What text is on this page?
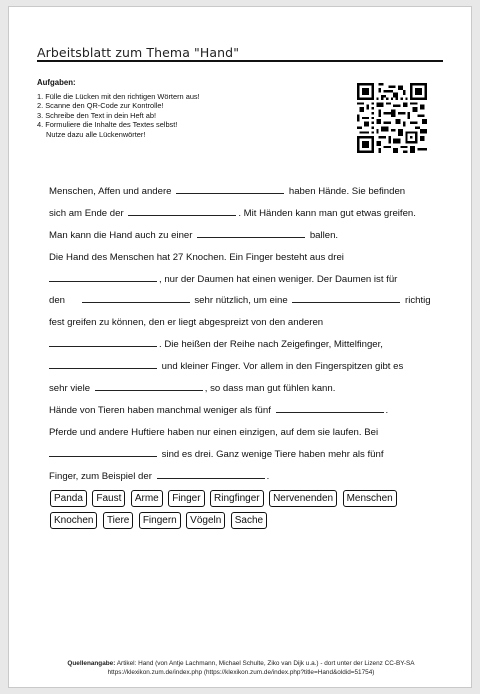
Arbeitsblatt zum Thema "Hand"
Aufgaben:
1. Fülle die Lücken mit den richtigen Wörtern aus!
2. Scanne den QR-Code zur Kontrolle!
3. Schreibe den Text in dein Heft ab!
4. Formuliere die Inhalte des Textes selbst!
Nutze dazu alle Lückenwörter!
Menschen, Affen und andere	haben Hände. Sie befinden
sich am Ende der	. Mit Händen kann man gut etwas greifen.
Man kann die Hand auch zu einer	ballen.
Die Hand des Menschen hat 27 Knochen. Ein Finger besteht aus drei
, nur der Daumen hat einen weniger. Der Daumen ist für
den	sehr nützlich, um eine	richtig
fest greifen zu können, den er liegt abgespreizt von den anderen
. Die heißen der Reihe nach Zeigefinger, Mittelfinger,
und kleiner Finger. Vor allem in den Fingerspitzen gibt es
sehr viele	, so dass man gut fühlen kann.
Hände von Tieren haben manchmal weniger als fünf	.
Pferde und andere Huftiere haben nur einen einzigen, auf dem sie laufen. Bei
sind es drei. Ganz wenige Tiere haben mehr als fünf
Finger, zum Beispiel der	.
Panda Faust Arme Finger Ringfinger Nervenenden Menschen
Knochen Tiere Fingern Vögeln Sache
Quellenangabe: Artikel: Hand (von Antje Lachmann, Michael Schulte, Ziko van Dijk u.a.) - dort unter der Lizenz CC-BY-SA
https://klexikon.zum.de/index.php (https://klexikon.zum.de/index.php?title=Hand&oldid=51754)
